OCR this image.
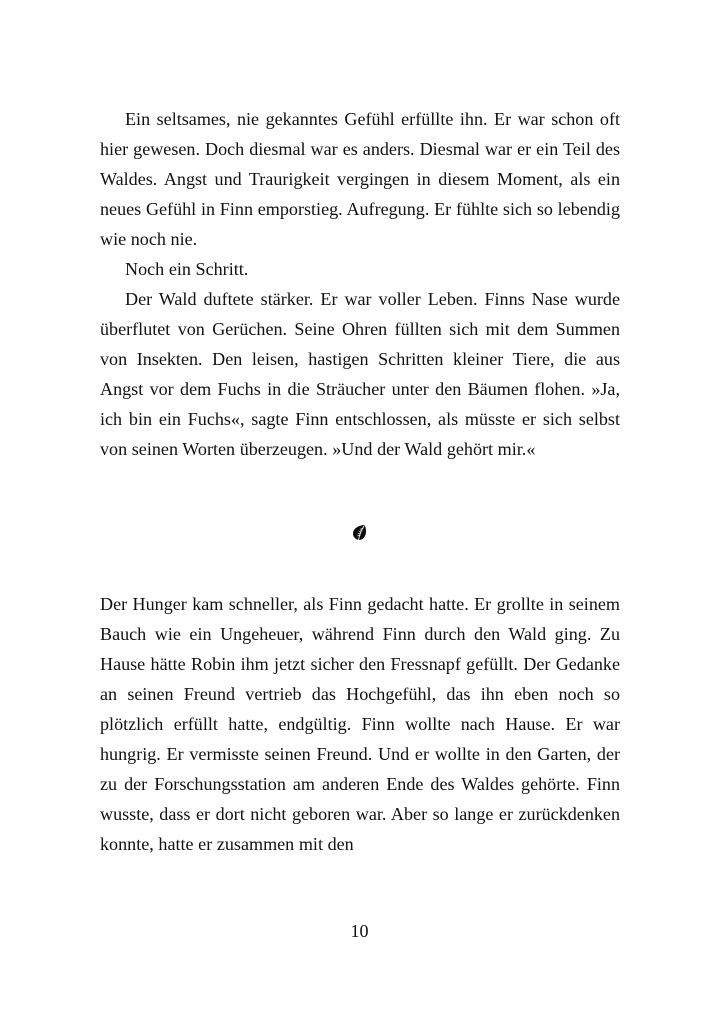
Ein seltsames, nie gekanntes Gefühl erfüllte ihn. Er war schon oft hier gewesen. Doch diesmal war es anders. Diesmal war er ein Teil des Waldes. Angst und Traurigkeit vergingen in diesem Moment, als ein neues Gefühl in Finn emporstieg. Aufregung. Er fühlte sich so lebendig wie noch nie.

Noch ein Schritt.

Der Wald duftete stärker. Er war voller Leben. Finns Nase wurde überflutet von Gerüchen. Seine Ohren füllten sich mit dem Summen von Insekten. Den leisen, hastigen Schritten kleiner Tiere, die aus Angst vor dem Fuchs in die Sträucher unter den Bäumen flohen. »Ja, ich bin ein Fuchs«, sagte Finn entschlossen, als müsste er sich selbst von seinen Worten überzeugen. »Und der Wald gehört mir.«

Der Hunger kam schneller, als Finn gedacht hatte. Er grollte in seinem Bauch wie ein Ungeheuer, während Finn durch den Wald ging. Zu Hause hätte Robin ihm jetzt sicher den Fressnapf gefüllt. Der Gedanke an seinen Freund vertrieb das Hochgefühl, das ihn eben noch so plötzlich erfüllt hatte, endgültig. Finn wollte nach Hause. Er war hungrig. Er vermisste seinen Freund. Und er wollte in den Garten, der zu der Forschungsstation am anderen Ende des Waldes gehörte. Finn wusste, dass er dort nicht geboren war. Aber so lange er zurückdenken konnte, hatte er zusammen mit den

10
